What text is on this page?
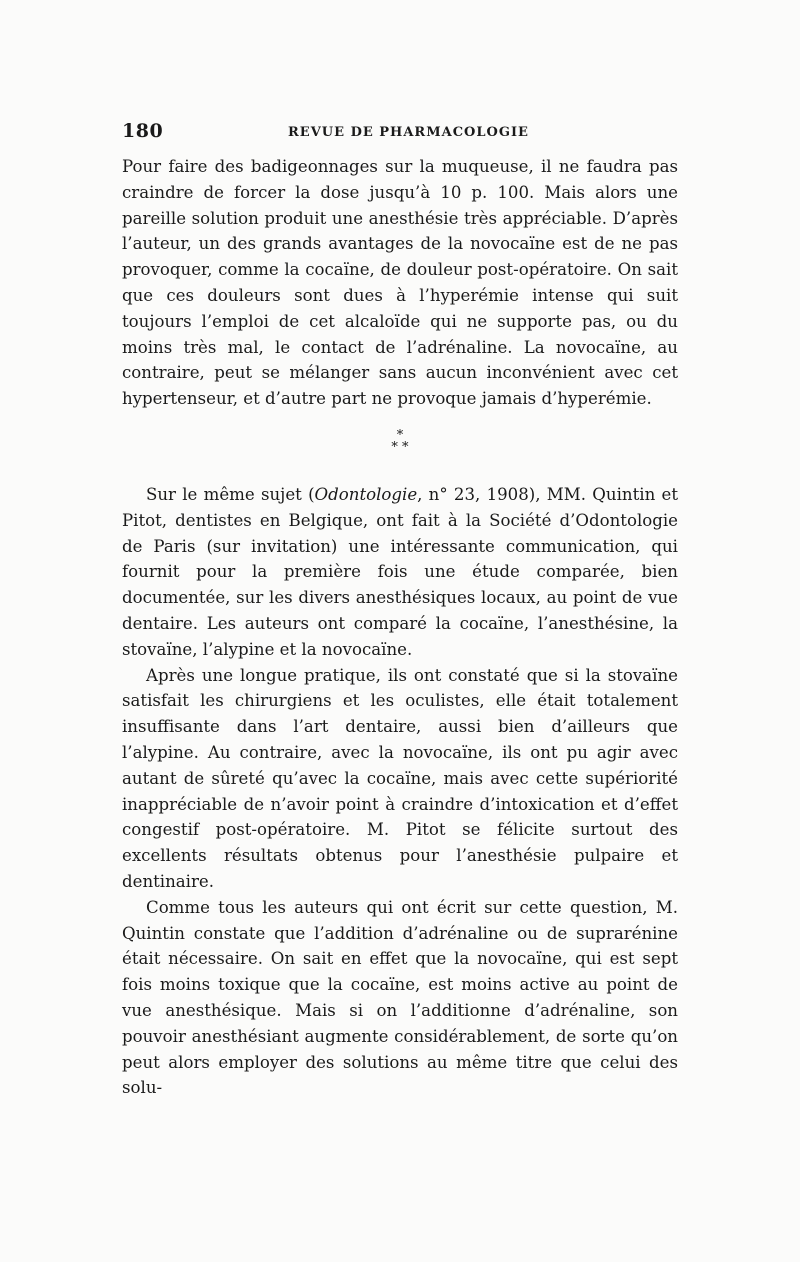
180	REVUE DE PHARMACOLOGIE

Pour faire des badigeonnages sur la muqueuse, il ne faudra pas craindre de forcer la dose jusqu’à 10 p. 100. Mais alors une pareille solution produit une anesthésie très appréciable. D’après l’auteur, un des grands avantages de la novocaïne est de ne pas provoquer, comme la cocaïne, de douleur post-opératoire. On sait que ces douleurs sont dues à l’hyperémie intense qui suit toujours l’emploi de cet alcaloïde qui ne supporte pas, ou du moins très mal, le contact de l’adrénaline. La novocaïne, au contraire, peut se mélanger sans aucun inconvénient avec cet hypertenseur, et d’autre part ne provoque jamais d’hyperémie.

*
* *

Sur le même sujet (Odontologie, n° 23, 1908), MM. Quintin et Pitot, dentistes en Belgique, ont fait à la Société d’Odontologie de Paris (sur invitation) une intéressante communication, qui fournit pour la première fois une étude comparée, bien documentée, sur les divers anesthésiques locaux, au point de vue dentaire. Les auteurs ont comparé la cocaïne, l’anesthésine, la stovaïne, l’alypine et la novocaïne.

Après une longue pratique, ils ont constaté que si la stovaïne satisfait les chirurgiens et les oculistes, elle était totalement insuffisante dans l’art dentaire, aussi bien d’ailleurs que l’alypine. Au contraire, avec la novocaïne, ils ont pu agir avec autant de sûreté qu’avec la cocaïne, mais avec cette supériorité inappréciable de n’avoir point à craindre d’intoxication et d’effet congestif post-opératoire. M. Pitot se félicite surtout des excellents résultats obtenus pour l’anesthésie pulpaire et dentinaire.

Comme tous les auteurs qui ont écrit sur cette question, M. Quintin constate que l’addition d’adrénaline ou de suprarénine était nécessaire. On sait en effet que la novocaïne, qui est sept fois moins toxique que la cocaïne, est moins active au point de vue anesthésique. Mais si on l’additionne d’adrénaline, son pouvoir anesthésiant augmente considérablement, de sorte qu’on peut alors employer des solutions au même titre que celui des solu-
